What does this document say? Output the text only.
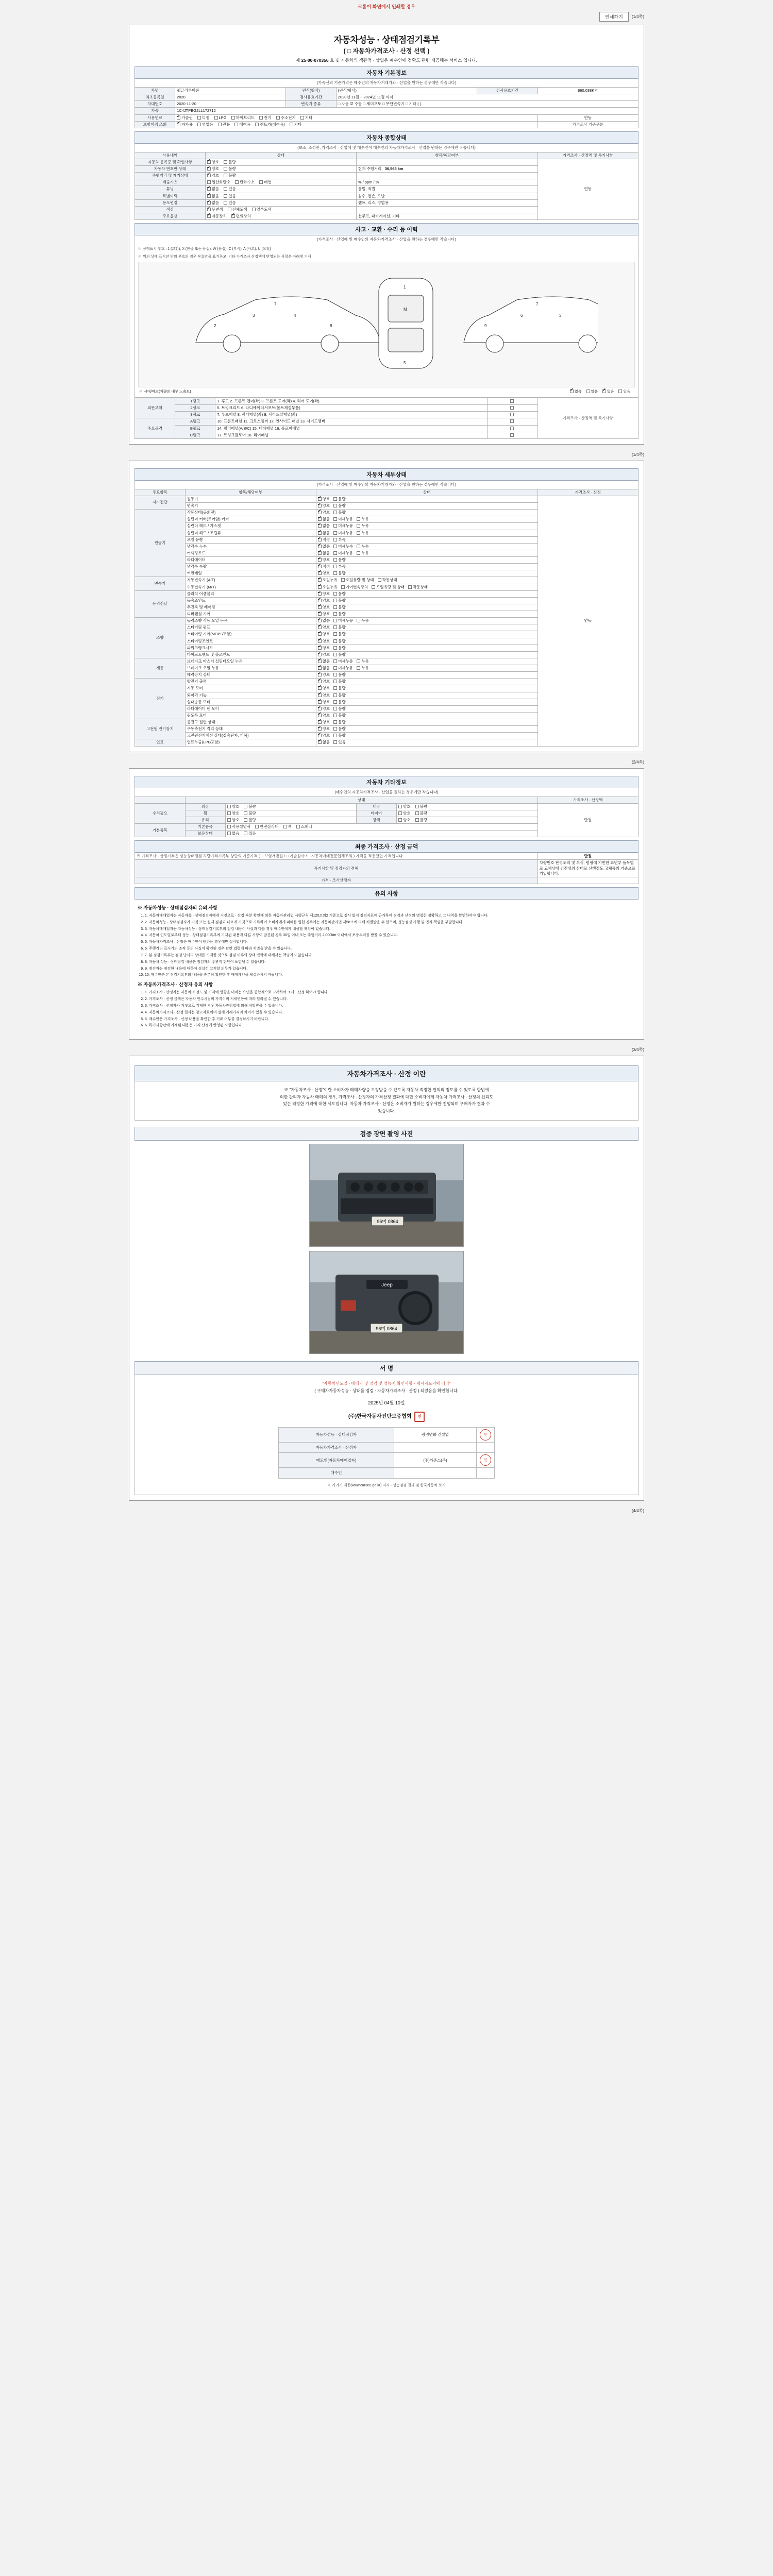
크롬이 화면에서 인쇄할 경우
인쇄하기	(1/4쪽)
자동차성능 · 상태점검기록부
( □ 자동차가격조사 · 산정 선택 )
제 25-00-070356 호 ※ 자동차의 객관적 · 상업은 매수인에 정확도 관련 제공해는 서비스 입니다.
자동차 기본정보
(가족신뢰 기준가격은 매수인의 자동차거래가와 · 산업을 원하는 경우에만 작습니다)
차명	랭글러루비콘	년식(형식)	(년식/형식)	검사유효기간	960,038Kㅇ
최초등록일	2020	검사유효기간	2020년 11월 ~ 2024년 11월 까지		
차대번호	2020-11-20	변속기 종류	□ 자동 ☑ 수동 □ 세미오토 □ 무단변속기 □ 기타 ( )		
차종	1C4JTPBG2LL172712				
사용연료	✔가솔린 디젤 LPG 하이브리드 전기 수소전기 기타				연동
보험이력 조회	✔자가용 영업용 관용 대여용 렌트카(대여용) 기타				가격조사 기준구분
자동차 종합상태
(보조, 조정관, 가격조사 · 산업에 및 매수인이 매수인의 자동차가격조사 · 산업을 원하는 경우에만 작습니다)
사용내역	상태	항목/해당여부	가격조사 · 산정액 및 특기사항
자동차 등록증 및 확인사항	✔양호 불량		연동
자동차 번호판 상태	✔양호 불량	현재 주행거리 36,568 km	
주행거리 및 계기상태	✔양호 불량	
배출가스	일산화탄소 탄화수소 매연	% / ppm / %	
튜닝	✔없음 있음	불법, 적법	
특별이력	✔없음 있음	침수, 전손, 도난	
용도변경	✔없음 있음	렌트, 리스, 영업용	
색상	✔무변색 전체도색 일부도색	
주요옵션	✔제동장치 ✔ 편의장치	선루프, 내비게이션, 기타	
사고 · 교환 · 수리 등 이력
(가격조사 · 산업에 및 매수인의 자동차가격조사 · 산업을 원하는 경우에만 작습니다)
※ 상태표시 부호 : 1 (교환), X (판금 또는 용접), W (용접), C (부식), A (사고), U (요철)
※ 위의 상태 표시란 밖의 부호의 경우 부호만을 표기하고, 기타 가격조사 산정액에 반영되는 사항은 아래에 기재
2
3	4
8
7
1
M
5
9
6	3
7
※ 시대/마모(차량의 내부 노출도) ✔	없음	있음 ✔	없음	있음
외판부위	1랭크	1. 후드 2. 프론트 펜더(좌) 3. 프론트 도어(좌) 4. 리어 도어(좌)		가격조사 · 산정액 및 특기사항
	2랭크	5. 트렁크리드 6. 라디에이터서포트(볼트체결부품)		
	3랭크	7. 루프패널 8. 쿼터패널(좌) 9. 사이드실패널(좌)		
주요골격	A랭크	10. 프론트패널 11. 크로스멤버 12. 인사이드 패널 13. 사이드멤버		
	B랭크	14. 필러패널(A/B/C) 15. 대쉬패널 16. 플로어패널		
	C랭크	17. 트렁크플로어 18. 리어패널		
(1/4쪽)
자동차 세부상태
(가격조사 · 산업에 및 매수인의 자동차거래가와 · 산업을 원하는 경우에만 작습니다)
주요항목	항목/해당여부	상태	가격조사 · 산정
자가진단	원동기	✔양호 불량	연동
	변속기	✔양호 불량
원동기	작동상태(공회전)	✔양호 불량
	실린더 커버(로커암) 커버	✔없음 미세누유 누유
	실린더 헤드 / 가스켓	✔없음 미세누유 누유
	실린더 헤드 / 조립류	✔없음 미세누유 누유
	오일 유량	✔적정 부족
	냉각수 누수	✔없음 미세누수 누수
	커넥팅로드	✔없음 미세누유 누유
	라디에이터	✔양호 불량
	냉각수 수량	✔적정 부족
	커먼레일	✔양호 불량
변속기	자동변속기 (A/T)	✔오일누유 오일유량 및 상태 작동상태
	수동변속기 (M/T)	✔오일누유 기어변속장치 오일유량 및 상태 작동상태
동력전달	클러치 어셈블리	✔양호 불량
	등속죠인트	✔양호 불량
	추진축 및 베어링	✔양호 불량
	디퍼렌셜 기어	✔양호 불량
조향	동력조향 작동 오일 누유	✔없음 미세누유 누유
	스티어링 펌프	✔양호 불량
	스티어링 기어(MDPS포함)	✔양호 불량
	스티어링조인트	✔양호 불량
	파워크랭크시브	✔양호 불량
	타이로드엔드 및 볼조인트	✔양호 불량
제동	브레이크 마스터 실린더오일 누유	✔없음 미세누유 누유
	브레이크 오일 누유	✔없음 미세누유 누유
	배력장치 상태	✔양호 불량
전기	발전기 출력	✔양호 불량
	시동 모터	✔양호 불량
	와이퍼 기능	✔양호 불량
	실내송풍 모터	✔양호 불량
	라디에이터 팬 모터	✔양호 불량
	윈도우 모터	✔양호 불량
고전원 전기장치	충전구 절연 상태	✔양호 불량
	구동축전지 격리 상태	✔양호 불량
	고전원전기배선 상태(접속단자, 피복)	✔양호 불량
연료	연료누출(LPG포함)	✔없음 있음
(2/4쪽)
자동차 기타정보
(매수인의 자동차가격조사 · 산업을 원하는 경우에만 작습니다)
	상태				가격조사 · 산정액
수리필요	외장	양호 불량	내장	양호 불량	만원
	휠	양호 불량	타이어	양호 불량	
	유리	양호 불량	광택	양호 불량	
기본품목	기본품목	사용설명서 안전삼각대 잭 스패너			
	보유상태	없음 있음			
최종 가격조사 · 산정 금액
※ 가격조사 · 산정가격은 성능상태점검 차량가격기록부 상단의 기준가격 ( □ 보험개발원 / □ 기술심사 / □ 자동차매매전문업체조회 ) 가격을 적용했던 가격입니다.	만원
특기사항 및 점검자의 견해	차량번호 판정도의 및 부식, 펌핑에 기반한 표면부 품목별로 교체상태 건전성의 상태로 선행정도 고체품의 기준으로 기입합니다.
가격 · 조사산정자	
유의 사항
※ 자동차성능 · 상태점검자의 유의 사항
1. 1. 자동차매매업자는 자동차를 · 상태점검자에게 거짓으로 · 산정 부분 확인에 의한 자동차관리법 시행규칙 제120조의2 기준으로 검사 없이 점검자료에 근거하여 점검과 산정의 명칭한 정확하고 그 내역을 확인하여야 합니다.
2. 2. 자동차성능 · 상태점검자가 거짓 또는 실제 점검과 다르게 거짓으로 기록하여 소비자에게 피해를 입힌 경우에는 자동차관리법 제58조에 의해 처벌받을 수 있으며, 성능점검 시행 및 법적 책임을 부담합니다.
3. 3. 자동차매매업자는 자동차성능 · 상태점검기록부의 점검 내용이 사실과 다를 경우 매수인에게 배상할 책임이 있습니다.
4. 4. 자동차 인도일로부터 성능 · 상태점검기록부에 기재된 내용과 다른 사항이 발견된 경우 30일 이내 또는 주행거리 2,000km 이내에서 보증수리를 받을 수 있습니다.
5. 5. 자동차가격조사 · 산정은 매수인이 원하는 경우에만 실시합니다.
6. 6. 주행거리 표시기의 조작 등의 사실이 확인된 경우 관련 법령에 따라 처벌을 받을 수 있습니다.
7. 7. 본 점검기록부는 점검 당시의 상태를 기재한 것으로 점검 이후의 상태 변화에 대해서는 책임지지 않습니다.
8. 8. 자동차 성능 · 상태점검 내용은 점검자의 주관적 판단이 포함될 수 있습니다.
9. 9. 점검자는 점검한 내용에 대하여 성실히 고지할 의무가 있습니다.
10. 10. 매수인은 본 점검기록부의 내용을 충분히 확인한 후 매매계약을 체결하시기 바랍니다.
※ 자동차가격조사 · 산정자 유의 사항
1. 1. 가격조사 · 산정자는 자동차의 정도 및 가격에 영향을 미치는 요인을 종합적으로 고려하여 조사 · 산정 하여야 합니다.
2. 2. 가격조사 · 산정 금액은 자동차 인수시점의 가격이며 시세변동에 따라 달라질 수 있습니다.
3. 3. 가격조사 · 산정자가 거짓으로 기재한 경우 자동차관리법에 의해 처벌받을 수 있습니다.
4. 4. 자동차가격조사 · 산정 결과는 참고자료이며 실제 거래가격과 차이가 있을 수 있습니다.
5. 5. 매수인은 가격조사 · 산정 내용을 확인한 후 거래 여부를 결정하시기 바랍니다.
6. 6. 특기사항란에 기재된 내용은 가격 산정에 반영된 사항입니다.
(3/4쪽)
자동차가격조사 · 산정 이란
※ "자동차조사 · 산정"이란 소비자가 매매차량을 보장받을 수 있도록 자동차 적정한 편익의 정도를 수 있도록 합법에
의한 관리자 자동차 매매의 경우, 가격조사 · 산정자의 가격산정 결과에 대한 소비자에게 자동차 가격조사 · 산정의 신뢰도
있는 적정한 가격에 대한 제도입니다. 자동차 가격조사 · 산정은 소비자가 원하는 경우에만 진행되며 구매자가 결과 수
있습니다.
검증 장면 촬영 사진
96머 0864
Jeep
96머 0864
서 명
"자동차인도일 · 매매자 및 점검 및 성능지 확인사항 · 제시자도기에 따라"
( 구매자자동차성능 · 상태를 점검 · 자동차가격조사 · 산정 ) 되었음을 확인합니다.
2025년 04월 10일
(주)한국자동차진단보증협회	인
자동차성능 · 상태점검자	광명변화 건설업	인
자동차가격조사 · 산정자		
매도인(자동차매매업자)	(주)카존스(주)	인
매수인		
※ 가기기 제공(www.car365.go.kr) 자시 · 성능점검 결과 및 한국자동차 보기
(4/4쪽)
